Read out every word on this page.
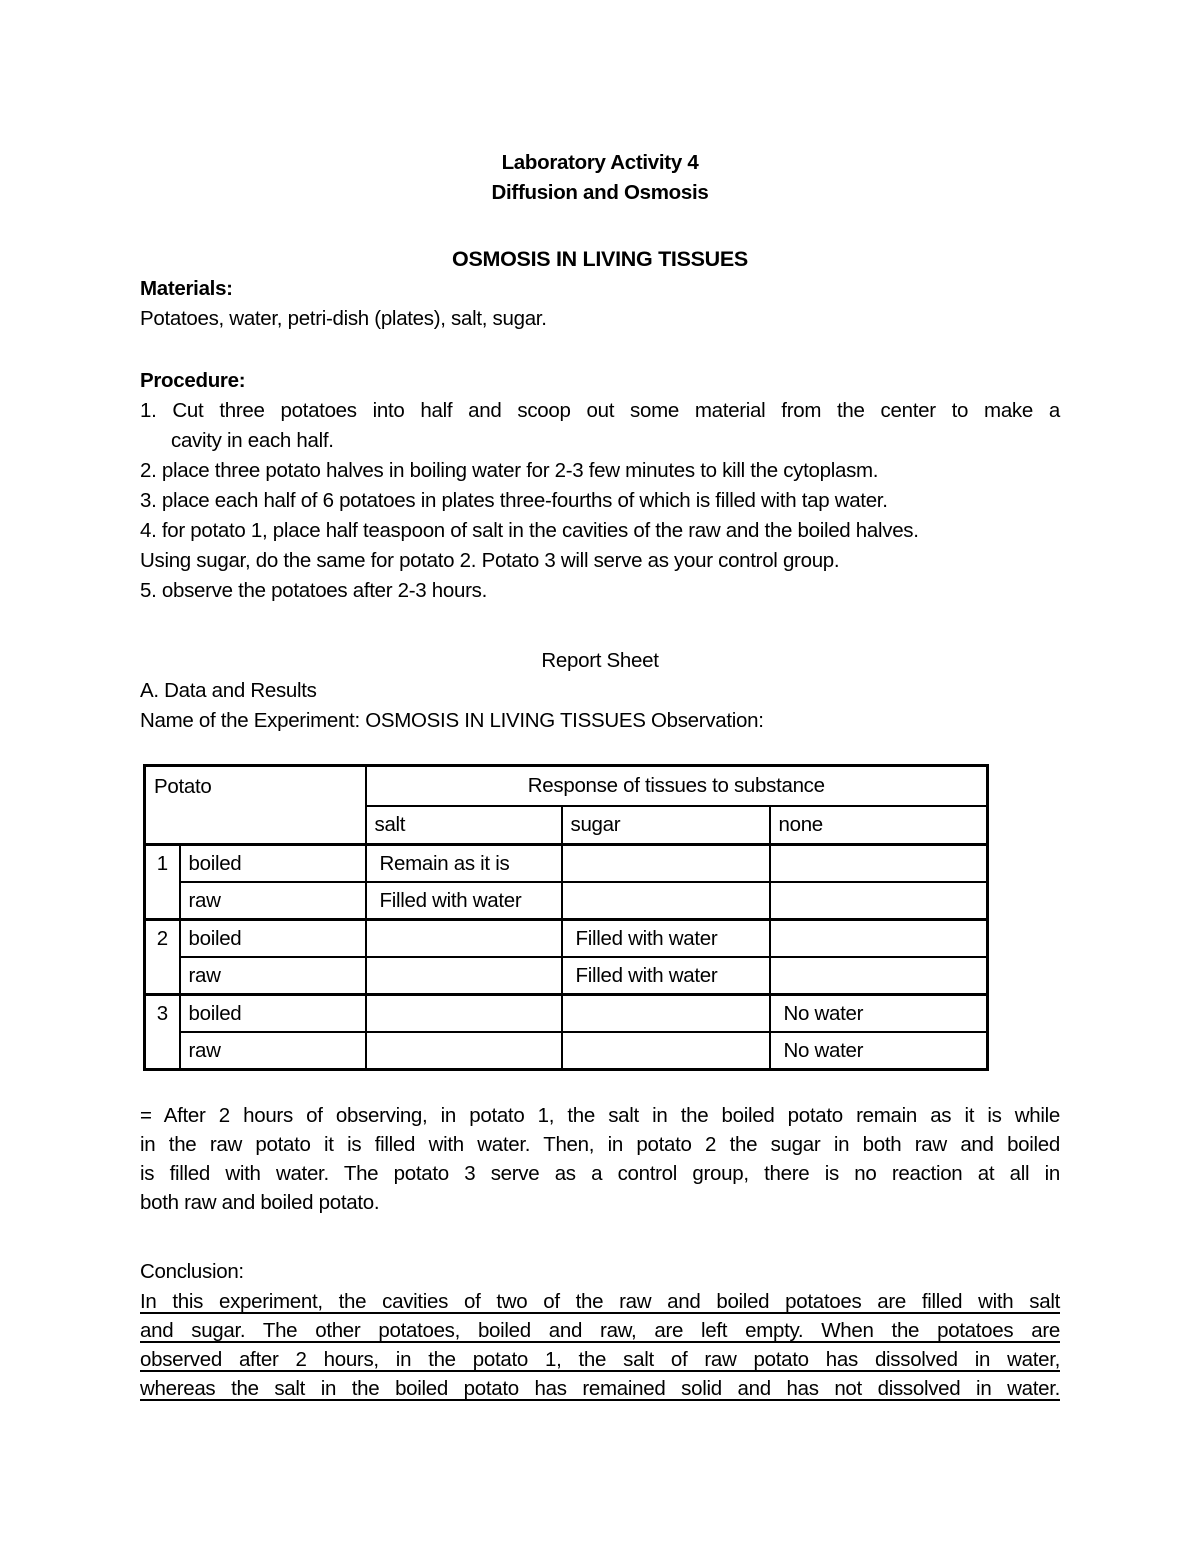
Laboratory Activity 4
Diffusion and Osmosis
OSMOSIS IN LIVING TISSUES
Materials:
Potatoes, water, petri-dish (plates), salt, sugar.
Procedure:
1. Cut three potatoes into half and scoop out some material from the center to make a
cavity in each half.
2. place three potato halves in boiling water for 2-3 few minutes to kill the cytoplasm.
3. place each half of 6 potatoes in plates three-fourths of which is filled with tap water.
4. for potato 1, place half teaspoon of salt in the cavities of the raw and the boiled halves.
Using sugar, do the same for potato 2. Potato 3 will serve as your control group.
5. observe the potatoes after 2-3 hours.
Report Sheet
A. Data and Results
Name of the Experiment: OSMOSIS IN LIVING TISSUES Observation:
Potato		Response of tissues to substance		
		salt	sugar	none
1	boiled	Remain as it is		
	raw	Filled with water		
2	boiled		Filled with water	
	raw		Filled with water	
3	boiled			No water
	raw			No water
= After 2 hours of observing, in potato 1, the salt in the boiled potato remain as it is while
in the raw potato it is filled with water. Then, in potato 2 the sugar in both raw and boiled
is filled with water. The potato 3 serve as a control group, there is no reaction at all in
both raw and boiled potato.
Conclusion:
In this experiment, the cavities of two of the raw and boiled potatoes are filled with salt
and sugar. The other potatoes, boiled and raw, are left empty. When the potatoes are
observed after 2 hours, in the potato 1, the salt of raw potato has dissolved in water,
whereas the salt in the boiled potato has remained solid and has not dissolved in water.
